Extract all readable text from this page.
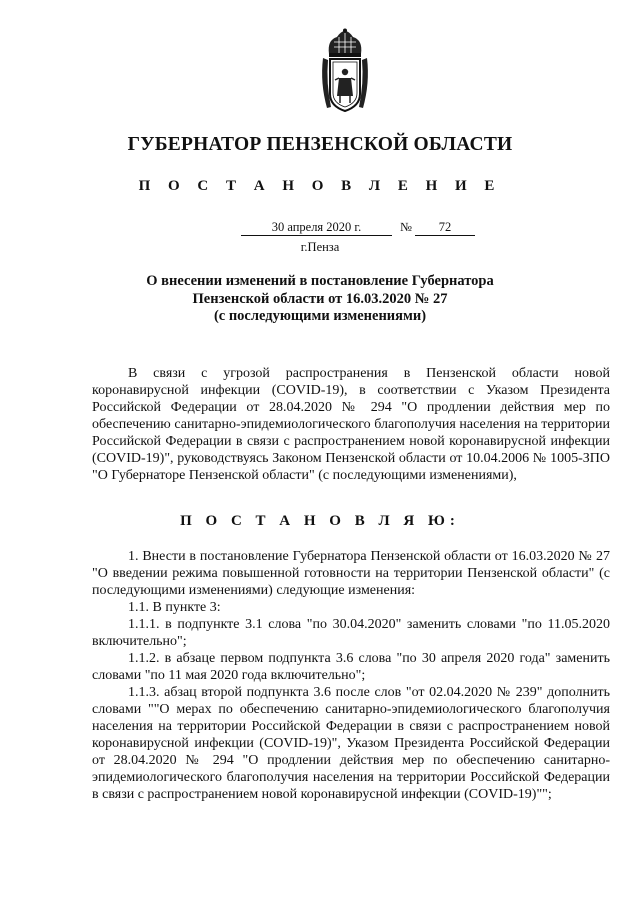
ГУБЕРНАТОР ПЕНЗЕНСКОЙ ОБЛАСТИ
П О С Т А Н О В Л Е Н И Е
30 апреля 2020 г.	№	72
г.Пенза
О внесении изменений в постановление Губернатора
Пензенской области от 16.03.2020 № 27
(с последующими изменениями)

В связи с угрозой распространения в Пензенской области новой коронавирусной инфекции (COVID-19), в соответствии с Указом Президента Российской Федерации от 28.04.2020 № 294 "О продлении действия мер по обеспечению санитарно-эпидемиологического благополучия населения на территории Российской Федерации в связи с распространением новой коронавирусной инфекции (COVID-19)", руководствуясь Законом Пензенской области от 10.04.2006 № 1005-ЗПО "О Губернаторе Пензенской области" (с последующими изменениями),

П О С Т А Н О В Л Я Ю:

1. Внести в постановление Губернатора Пензенской области от 16.03.2020 № 27 "О введении режима повышенной готовности на территории Пензенской области" (с последующими изменениями) следующие изменения:

1.1. В пункте 3:

1.1.1. в подпункте 3.1 слова "по 30.04.2020" заменить словами "по 11.05.2020 включительно";

1.1.2. в абзаце первом подпункта 3.6 слова "по 30 апреля 2020 года" заменить словами "по 11 мая 2020 года включительно";

1.1.3. абзац второй подпункта 3.6 после слов "от 02.04.2020 № 239" дополнить словами ""О мерах по обеспечению санитарно-эпидемиологического благополучия населения на территории Российской Федерации в связи с распространением новой коронавирусной инфекции (COVID-19)", Указом Президента Российской Федерации от 28.04.2020 № 294 "О продлении действия мер по обеспечению санитарно-эпидемиологического благополучия населения на территории Российской Федерации в связи с распространением новой коронавирусной инфекции (COVID-19)"";
